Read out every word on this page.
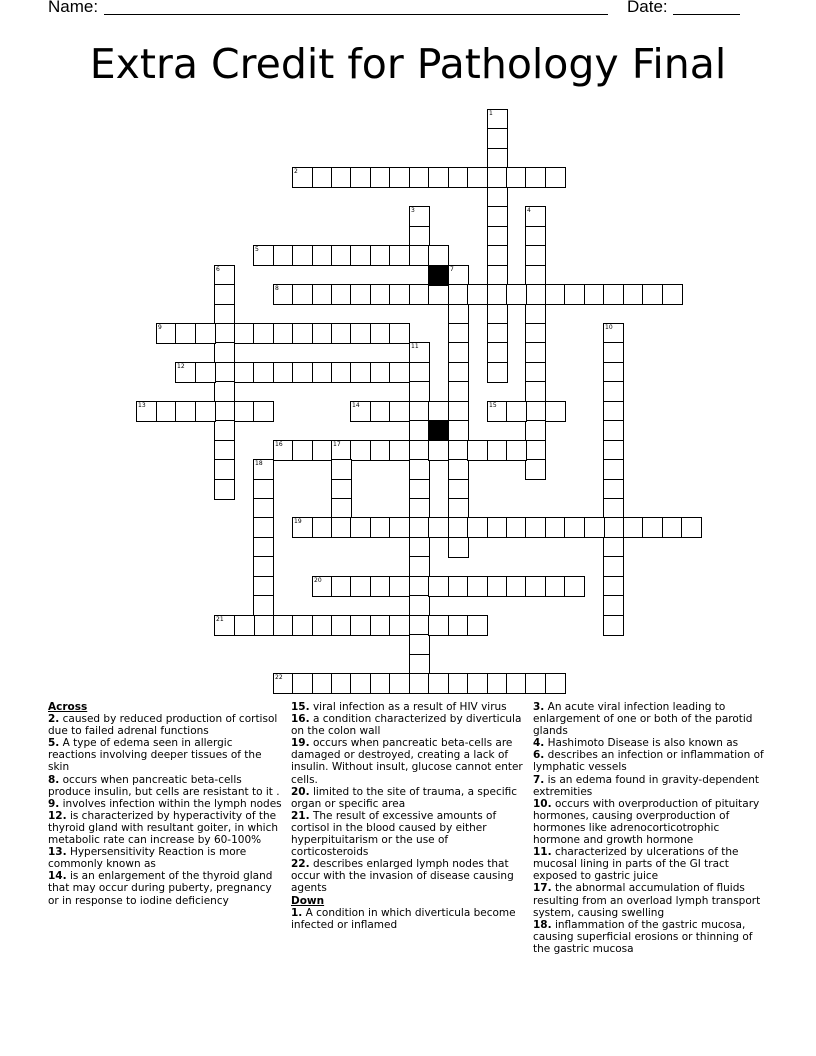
Name:	Date:
Extra Credit for Pathology Final
1
2
3	4
5
6	7
8
9	10
11
12
13	14	15
16	17
18
19
20
21
22
Across
2. caused by reduced production of cortisol due to failed adrenal functions
5. A type of edema seen in allergic reactions involving deeper tissues of the skin
8. occurs when pancreatic beta-cells produce insulin, but cells are resistant to it .
9. involves infection within the lymph nodes
12. is characterized by hyperactivity of the thyroid gland with resultant goiter, in which metabolic rate can increase by 60-100%
13. Hypersensitivity Reaction is more commonly known as
14. is an enlargement of the thyroid gland that may occur during puberty, pregnancy or in response to iodine deficiency
15. viral infection as a result of HIV virus
16. a condition characterized by diverticula on the colon wall
19. occurs when pancreatic beta-cells are damaged or destroyed, creating a lack of insulin. Without insult, glucose cannot enter cells.
20. limited to the site of trauma, a specific organ or specific area
21. The result of excessive amounts of cortisol in the blood caused by either hyperpituitarism or the use of corticosteroids
22. describes enlarged lymph nodes that occur with the invasion of disease causing agents
Down
1. A condition in which diverticula become infected or inflamed
3. An acute viral infection leading to enlargement of one or both of the parotid glands
4. Hashimoto Disease is also known as
6. describes an infection or inflammation of lymphatic vessels
7. is an edema found in gravity-dependent extremities
10. occurs with overproduction of pituitary hormones, causing overproduction of hormones like adrenocorticotrophic hormone and growth hormone
11. characterized by ulcerations of the mucosal lining in parts of the GI tract exposed to gastric juice
17. the abnormal accumulation of fluids resulting from an overload lymph transport system, causing swelling
18. inflammation of the gastric mucosa, causing superficial erosions or thinning of the gastric mucosa
